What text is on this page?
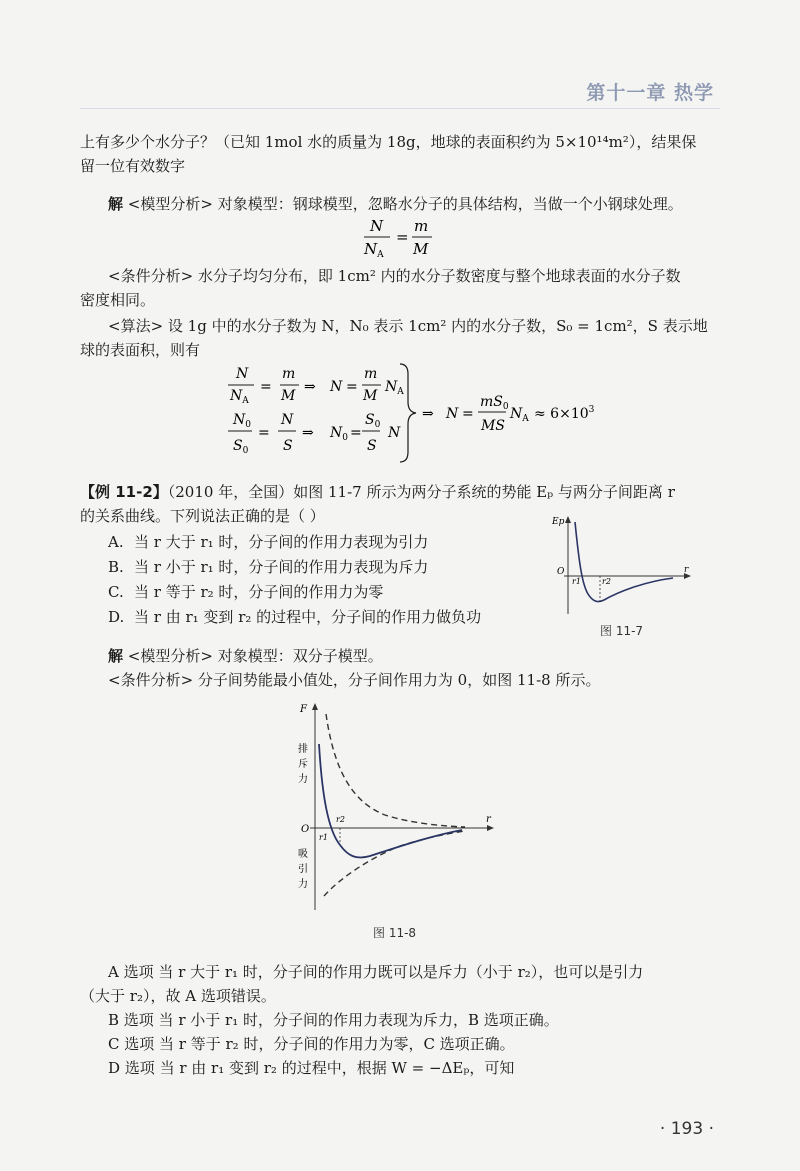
第十一章 热学
上有多少个水分子？（已知 1mol 水的质量为 18g，地球的表面积约为 5×10¹⁴m²），结果保
留一位有效数字
解 <模型分析> 对象模型：钢球模型，忽略水分子的具体结构，当做一个小钢球处理。
N
$N_A$
=
m
M
<条件分析> 水分子均匀分布，即 1cm² 内的水分子数密度与整个地球表面的水分子数
密度相同。
<算法> 设 1g 中的水分子数为 N，N₀ 表示 1cm² 内的水分子数，S₀ = 1cm²，S 表示地
球的表面积，则有
N
$N_A$
m
M
N
m
M
$N_A$
= ⇒ =
$N_0$
$S_0$
N
S
$N_0$
$S_0$
S
N
= ⇒	=
⇒ N =
$mS_0$
MS
$N_A \approx 6\times 10^3$
【例 11-2】（2010 年，全国）如图 11-7 所示为两分子系统的势能 Eₚ 与两分子间距离 r
的关系曲线。下列说法正确的是（ ）
A. 当 r 大于 r₁ 时，分子间的作用力表现为引力
B. 当 r 小于 r₁ 时，分子间的作用力表现为斥力
C. 当 r 等于 r₂ 时，分子间的作用力为零
D. 当 r 由 r₁ 变到 r₂ 的过程中，分子间的作用力做负功
Ep
O
r1	r2
r
图 11-7
解 <模型分析> 对象模型：双分子模型。
<条件分析> 分子间势能最小值处，分子间作用力为 0，如图 11-8 所示。
F
O
r1
r2	r
排
斥
力
吸
引
力
图 11-8
A 选项 当 r 大于 r₁ 时，分子间的作用力既可以是斥力（小于 r₂），也可以是引力
（大于 r₂），故 A 选项错误。
B 选项 当 r 小于 r₁ 时，分子间的作用力表现为斥力，B 选项正确。
C 选项 当 r 等于 r₂ 时，分子间的作用力为零，C 选项正确。
D 选项 当 r 由 r₁ 变到 r₂ 的过程中，根据 W = −ΔEₚ，可知
· 193 ·
